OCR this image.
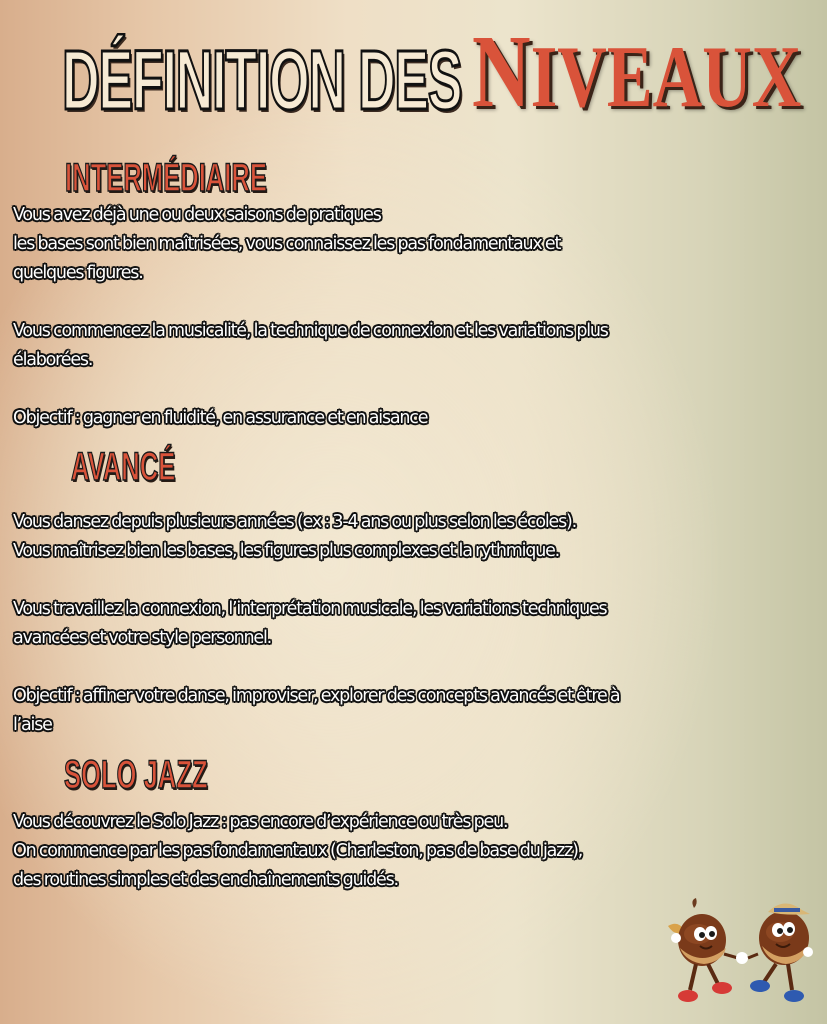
DÉFINITION DES NIVEAUX
INTERMÉDIAIRE
Vous avez déjà une ou deux saisons de pratiques
les bases sont bien maîtrisées, vous connaissez les pas fondamentaux et
quelques figures.
Vous commencez la musicalité, la technique de connexion et les variations plus
élaborées.
Objectif : gagner en fluidité, en assurance et en aisance
AVANCÉ
Vous dansez depuis plusieurs années (ex : 3-4 ans ou plus selon les écoles).
Vous maîtrisez bien les bases, les figures plus complexes et la rythmique.
Vous travaillez la connexion, l’interprétation musicale, les variations techniques
avancées et votre style personnel.
Objectif : affiner votre danse, improviser, explorer des concepts avancés et être à
l’aise
SOLO JAZZ
Vous découvrez le Solo Jazz : pas encore d’expérience ou très peu.
On commence par les pas fondamentaux (Charleston, pas de base du jazz),
des routines simples et des enchaînements guidés.
